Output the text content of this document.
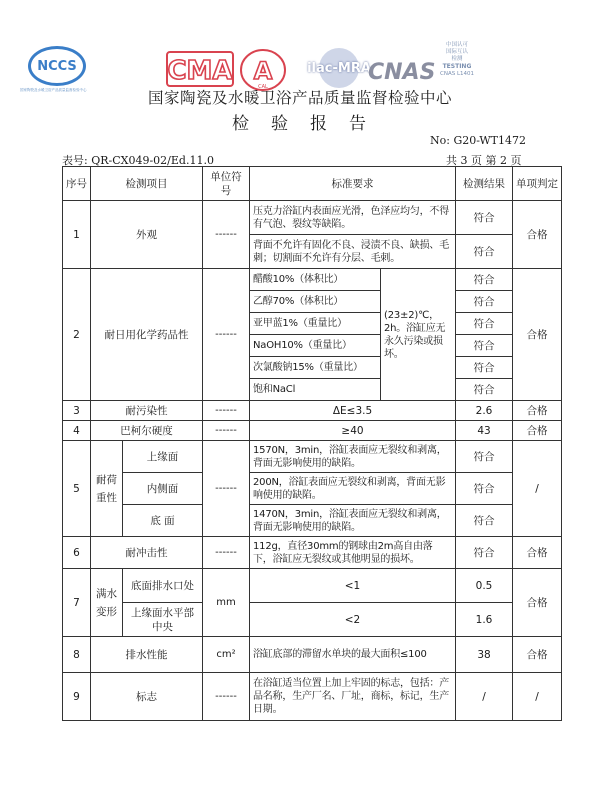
NCCS
国家陶瓷及水暖卫浴产品质量监督检验中心
CMA A
CAL
ilac-MRA
CNAS
中国认可
国际互认
检测
TESTING
CNAS L1401
国家陶瓷及水暖卫浴产品质量监督检验中心
检验报告
No: G20-WT1472
表号: QR-CX049-02/Ed.11.0	共 3 页 第 2 页
序号	检测项目		单位符号	标准要求		检测结果	单项判定
1	外观		------	压克力浴缸内表面应光滑，色泽应均匀，不得有气泡、裂纹等缺陷。		符合	合格
				背面不允许有固化不良、浸渍不良、缺损、毛刺；切割面不允许有分层、毛刺。		符合	
2	耐日用化学药品性		------	醋酸10%（体积比）	(23±2)℃，2h。浴缸应无永久污染或损坏。	符合	合格
				乙醇70%（体积比）		符合	
				亚甲蓝1%（重量比）		符合	
				NaOH10%（重量比）		符合	
				次氯酸钠15%（重量比）		符合	
				饱和NaCl		符合	
3	耐污染性		------	ΔE≤3.5		2.6	合格
4	巴柯尔硬度		------	≥40		43	合格
5	耐荷重性	上缘面	------	1570N，3min，浴缸表面应无裂纹和剥离，背面无影响使用的缺陷。		符合	/
		内侧面		200N，浴缸表面应无裂纹和剥离，背面无影响使用的缺陷。		符合	
		底 面		1470N，3min，浴缸表面应无裂纹和剥离，背面无影响使用的缺陷。		符合	
6	耐冲击性		------	112g，直径30mm的钢球由2m高自由落下，浴缸应无裂纹或其他明显的损坏。		符合	合格
7	满水变形	底面排水口处	mm	<1		0.5	合格
		上缘面水平部中央		<2		1.6	
8	排水性能		cm²	浴缸底部的滞留水单块的最大面积≤100		38	合格
9	标志		------	在浴缸适当位置上加上牢固的标志，包括：产品名称，生产厂名、厂址，商标，标记，生产日期。		/	/
